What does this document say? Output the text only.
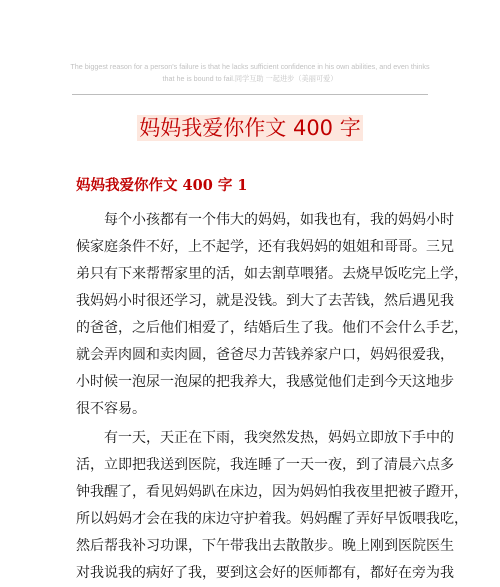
The biggest reason for a person's failure is that he lacks sufficient confidence in his own abilities, and even thinks
that he is bound to fail.同学互助 一起进步（美丽可爱）
妈妈我爱你作文 400 字
妈妈我爱你作文 400 字 1
每个小孩都有一个伟大的妈妈，如我也有，我的妈妈小时
候家庭条件不好，上不起学，还有我妈妈的姐姐和哥哥。三兄
弟只有下来帮帮家里的活，如去割草喂猪。去烧早饭吃完上学，
我妈妈小时很还学习，就是没钱。到大了去苦钱，然后遇见我
的爸爸，之后他们相爱了，结婚后生了我。他们不会什么手艺，
就会弄肉圆和卖肉圆，爸爸尽力苦钱养家户口，妈妈很爱我，
小时候一泡尿一泡屎的把我养大，我感觉他们走到今天这地步
很不容易。
有一天，天正在下雨，我突然发热，妈妈立即放下手中的
活，立即把我送到医院，我连睡了一天一夜，到了清晨六点多
钟我醒了，看见妈妈趴在床边，因为妈妈怕我夜里把被子蹬开，
所以妈妈才会在我的床边守护着我。妈妈醒了弄好早饭喂我吃，
然后帮我补习功课，下午带我出去散散步。晚上刚到医院医生
对我说我的病好了我，要到这会好的医师都有，都好在旁为我
